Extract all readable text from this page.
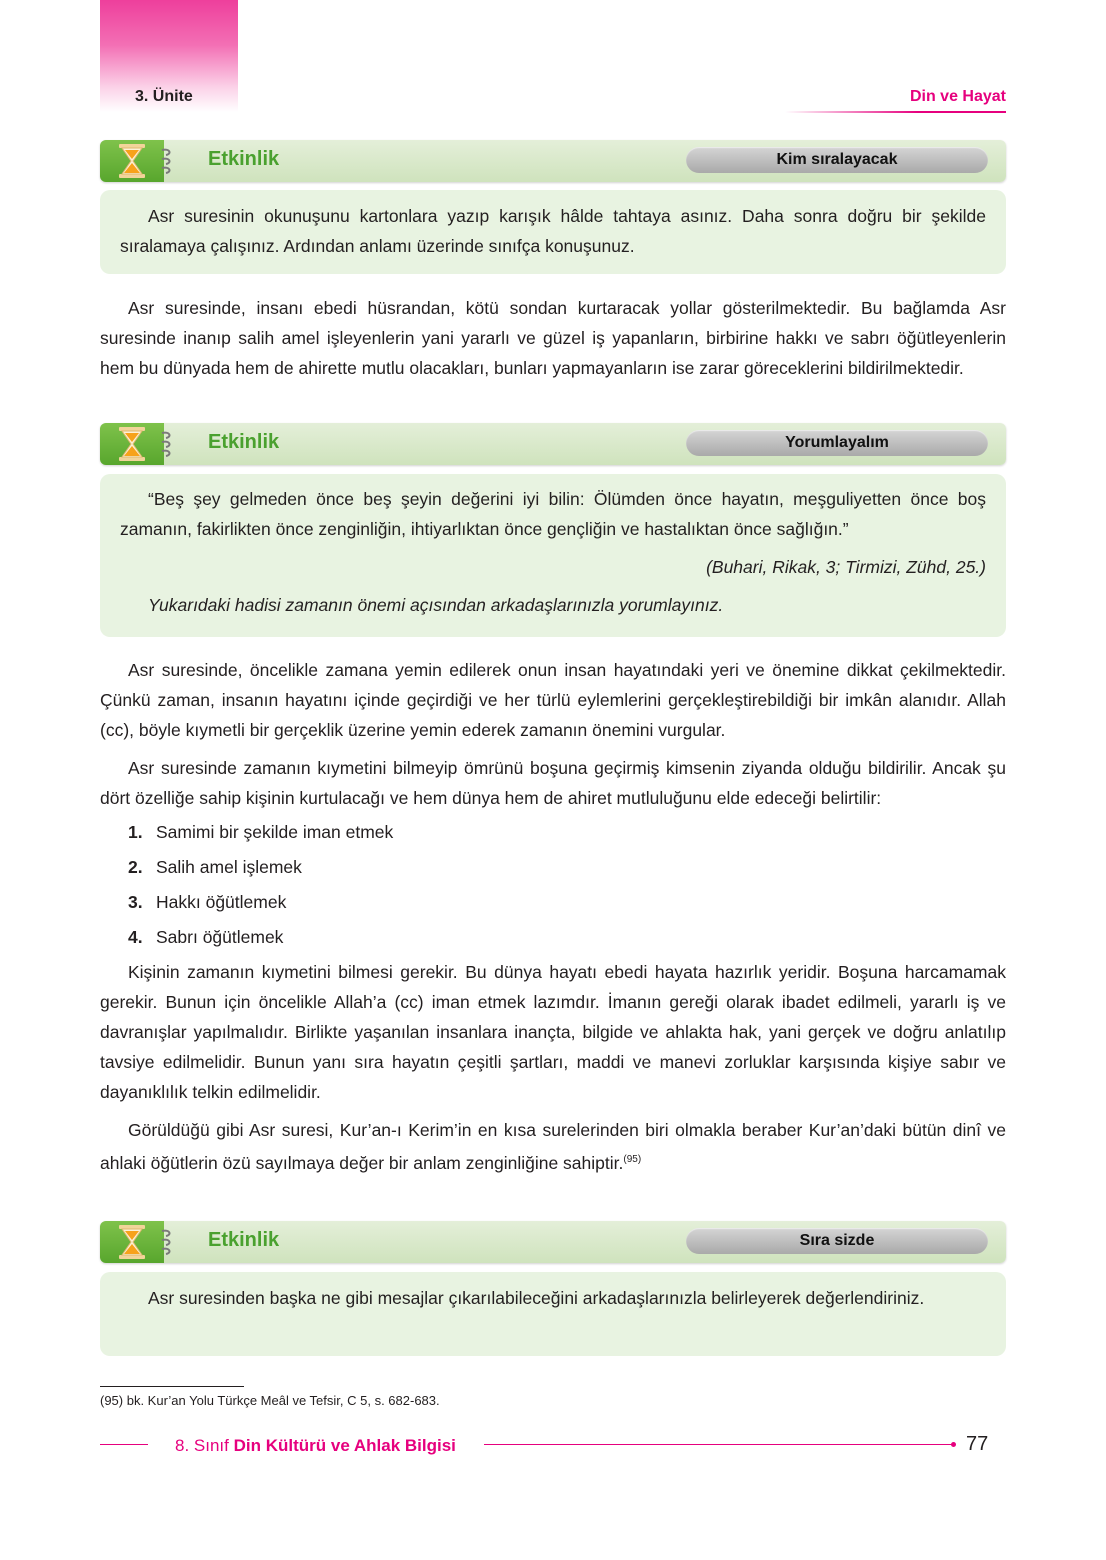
3. Ünite	Din ve Hayat
Etkinlik	Kim sıralayacak

Asr suresinin okunuşunu kartonlara yazıp karışık hâlde tahtaya asınız. Daha sonra doğru bir şekilde sıralamaya çalışınız. Ardından anlamı üzerinde sınıfça konuşunuz.

Asr suresinde, insanı ebedi hüsrandan, kötü sondan kurtaracak yollar gösterilmektedir. Bu bağlamda Asr suresinde inanıp salih amel işleyenlerin yani yararlı ve güzel iş yapanların, birbirine hakkı ve sabrı öğütleyenlerin hem bu dünyada hem de ahirette mutlu olacakları, bunları yapmayanların ise zarar göreceklerini bildirilmektedir.

Etkinlik	Yorumlayalım

“Beş şey gelmeden önce beş şeyin değerini iyi bilin: Ölümden önce hayatın, meşguliyetten önce boş zamanın, fakirlikten önce zenginliğin, ihtiyarlıktan önce gençliğin ve hastalıktan önce sağlığın.”

(Buhari, Rikak, 3; Tirmizi, Zühd, 25.)

Yukarıdaki hadisi zamanın önemi açısından arkadaşlarınızla yorumlayınız.

Asr suresinde, öncelikle zamana yemin edilerek onun insan hayatındaki yeri ve önemine dikkat çekilmektedir. Çünkü zaman, insanın hayatını içinde geçirdiği ve her türlü eylemlerini gerçekleştirebildiği bir imkân alanıdır. Allah (cc), böyle kıymetli bir gerçeklik üzerine yemin ederek zamanın önemini vurgular.

Asr suresinde zamanın kıymetini bilmeyip ömrünü boşuna geçirmiş kimsenin ziyanda olduğu bildirilir. Ancak şu dört özelliğe sahip kişinin kurtulacağı ve hem dünya hem de ahiret mutluluğunu elde edeceği belirtilir:

1. Samimi bir şekilde iman etmek
2. Salih amel işlemek
3. Hakkı öğütlemek
4. Sabrı öğütlemek

Kişinin zamanın kıymetini bilmesi gerekir. Bu dünya hayatı ebedi hayata hazırlık yeridir. Boşuna harcamamak gerekir. Bunun için öncelikle Allah’a (cc) iman etmek lazımdır. İmanın gereği olarak ibadet edilmeli, yararlı iş ve davranışlar yapılmalıdır. Birlikte yaşanılan insanlara inançta, bilgide ve ahlakta hak, yani gerçek ve doğru anlatılıp tavsiye edilmelidir. Bunun yanı sıra hayatın çeşitli şartları, maddi ve manevi zorluklar karşısında kişiye sabır ve dayanıklılık telkin edilmelidir.

Görüldüğü gibi Asr suresi, Kur’an-ı Kerim’in en kısa surelerinden biri olmakla beraber Kur’an’daki bütün dinî ve ahlaki öğütlerin özü sayılmaya değer bir anlam zenginliğine sahiptir.$^{(95)}$

Etkinlik	Sıra sizde

Asr suresinden başka ne gibi mesajlar çıkarılabileceğini arkadaşlarınızla belirleyerek değerlendiriniz.

(95) bk. Kur’an Yolu Türkçe Meâl ve Tefsir, C 5, s. 682-683.
8. Sınıf Din Kültürü ve Ahlak Bilgisi	77
